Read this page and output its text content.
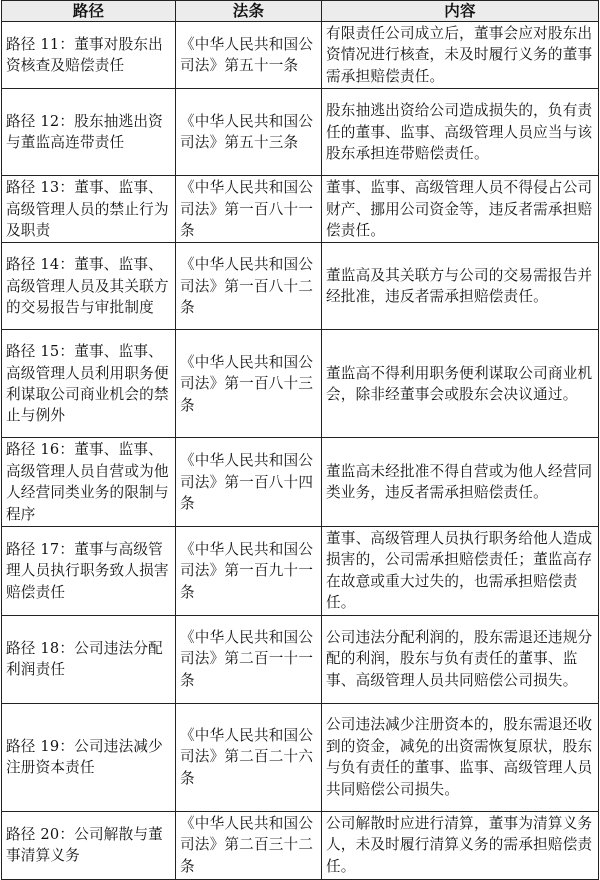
路径	法条	内容
路径 11：董事对股东出资核查及赔偿责任	《中华人民共和国公司法》第五十一条	有限责任公司成立后，董事会应对股东出资情况进行核查，未及时履行义务的董事需承担赔偿责任。
路径 12：股东抽逃出资与董监高连带责任	《中华人民共和国公司法》第五十三条	股东抽逃出资给公司造成损失的，负有责任的董事、监事、高级管理人员应当与该股东承担连带赔偿责任。
路径 13：董事、监事、高级管理人员的禁止行为及职责	《中华人民共和国公司法》第一百八十一条	董事、监事、高级管理人员不得侵占公司财产、挪用公司资金等，违反者需承担赔偿责任。
路径 14：董事、监事、高级管理人员及其关联方的交易报告与审批制度	《中华人民共和国公司法》第一百八十二条	董监高及其关联方与公司的交易需报告并经批准，违反者需承担赔偿责任。
路径 15：董事、监事、高级管理人员利用职务便利谋取公司商业机会的禁止与例外	《中华人民共和国公司法》第一百八十三条	董监高不得利用职务便利谋取公司商业机会，除非经董事会或股东会决议通过。
路径 16：董事、监事、高级管理人员自营或为他人经营同类业务的限制与程序	《中华人民共和国公司法》第一百八十四条	董监高未经批准不得自营或为他人经营同类业务，违反者需承担赔偿责任。
路径 17：董事与高级管理人员执行职务致人损害赔偿责任	《中华人民共和国公司法》第一百九十一条	董事、高级管理人员执行职务给他人造成损害的，公司需承担赔偿责任；董监高存在故意或重大过失的，也需承担赔偿责任。
路径 18：公司违法分配利润责任	《中华人民共和国公司法》第二百一十一条	公司违法分配利润的，股东需退还违规分配的利润，股东与负有责任的董事、监事、高级管理人员共同赔偿公司损失。
路径 19：公司违法减少注册资本责任	《中华人民共和国公司法》第二百二十六条	公司违法减少注册资本的，股东需退还收到的资金，减免的出资需恢复原状，股东与负有责任的董事、监事、高级管理人员共同赔偿公司损失。
路径 20：公司解散与董事清算义务	《中华人民共和国公司法》第二百三十二条	公司解散时应进行清算，董事为清算义务人，未及时履行清算义务的需承担赔偿责任。
